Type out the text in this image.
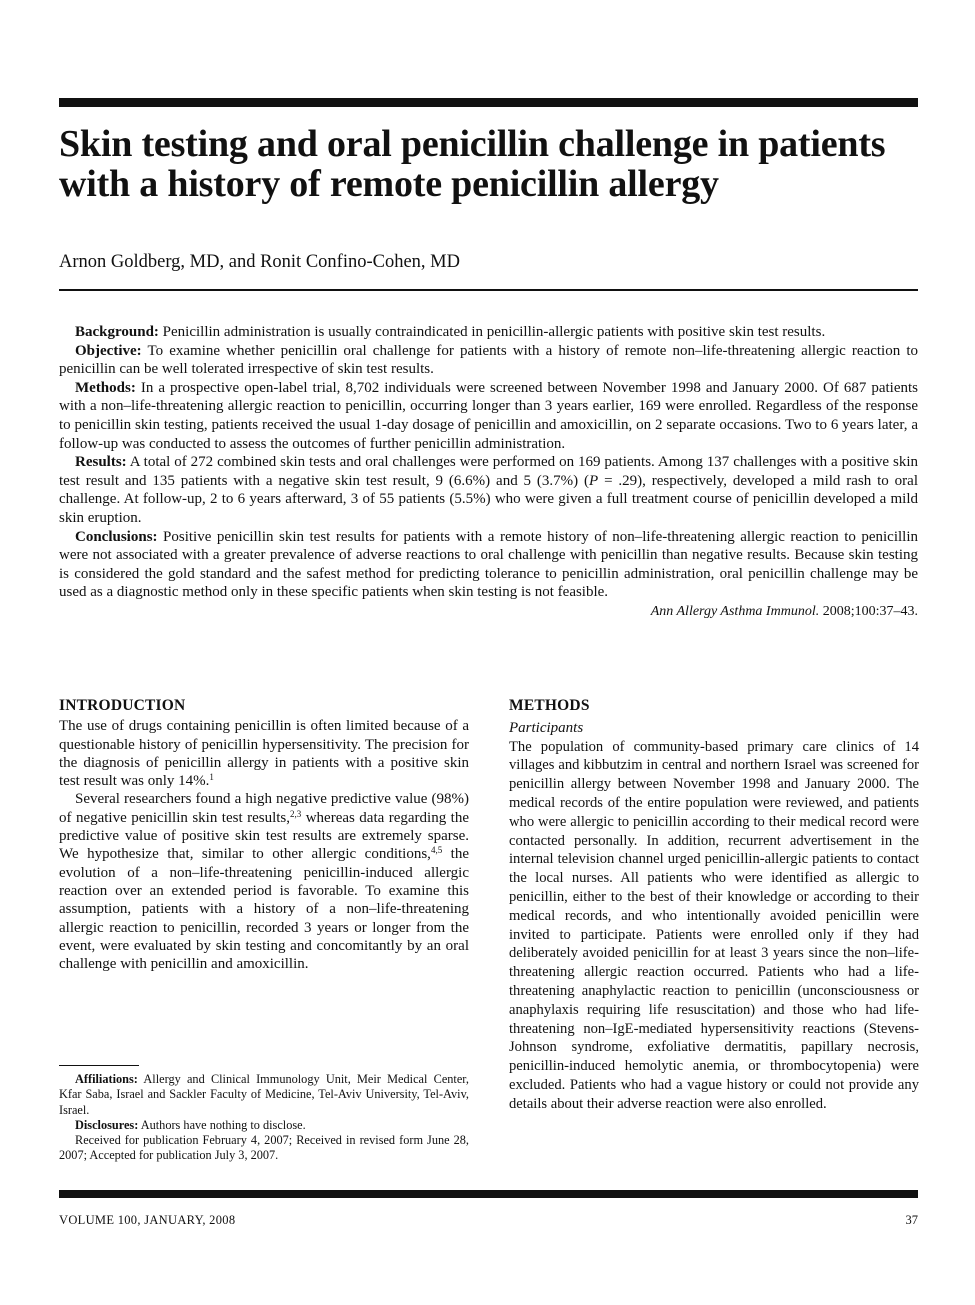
Skin testing and oral penicillin challenge in patients with a history of remote penicillin allergy
Arnon Goldberg, MD, and Ronit Confino-Cohen, MD

Background: Penicillin administration is usually contraindicated in penicillin-allergic patients with positive skin test results.

Objective: To examine whether penicillin oral challenge for patients with a history of remote non–life-threatening allergic reaction to penicillin can be well tolerated irrespective of skin test results.

Methods: In a prospective open-label trial, 8,702 individuals were screened between November 1998 and January 2000. Of 687 patients with a non–life-threatening allergic reaction to penicillin, occurring longer than 3 years earlier, 169 were enrolled. Regardless of the response to penicillin skin testing, patients received the usual 1-day dosage of penicillin and amoxicillin, on 2 separate occasions. Two to 6 years later, a follow-up was conducted to assess the outcomes of further penicillin administration.

Results: A total of 272 combined skin tests and oral challenges were performed on 169 patients. Among 137 challenges with a positive skin test result and 135 patients with a negative skin test result, 9 (6.6%) and 5 (3.7%) (P = .29), respectively, developed a mild rash to oral challenge. At follow-up, 2 to 6 years afterward, 3 of 55 patients (5.5%) who were given a full treatment course of penicillin developed a mild skin eruption.

Conclusions: Positive penicillin skin test results for patients with a remote history of non–life-threatening allergic reaction to penicillin were not associated with a greater prevalence of adverse reactions to oral challenge with penicillin than negative results. Because skin testing is considered the gold standard and the safest method for predicting tolerance to penicillin administration, oral penicillin challenge may be used as a diagnostic method only in these specific patients when skin testing is not feasible.

Ann Allergy Asthma Immunol. 2008;100:37–43.
INTRODUCTION

The use of drugs containing penicillin is often limited because of a questionable history of penicillin hypersensitivity. The precision for the diagnosis of penicillin allergy in patients with a positive skin test result was only 14%.$^1$

Several researchers found a high negative predictive value (98%) of negative penicillin skin test results,$^{2,3}$ whereas data regarding the predictive value of positive skin test results are extremely sparse. We hypothesize that, similar to other allergic conditions,$^{4,5}$ the evolution of a non–life-threatening penicillin-induced allergic reaction over an extended period is favorable. To examine this assumption, patients with a history of a non–life-threatening allergic reaction to penicillin, recorded 3 years or longer from the event, were evaluated by skin testing and concomitantly by an oral challenge with penicillin and amoxicillin.

METHODS
Participants

The population of community-based primary care clinics of 14 villages and kibbutzim in central and northern Israel was screened for penicillin allergy between November 1998 and January 2000. The medical records of the entire population were reviewed, and patients who were allergic to penicillin according to their medical record were contacted personally. In addition, recurrent advertisement in the internal television channel urged penicillin-allergic patients to contact the local nurses. All patients who were identified as allergic to penicillin, either to the best of their knowledge or according to their medical records, and who intentionally avoided penicillin were invited to participate. Patients were enrolled only if they had deliberately avoided penicillin for at least 3 years since the non–life-threatening allergic reaction occurred. Patients who had a life-threatening anaphylactic reaction to penicillin (unconsciousness or anaphylaxis requiring life resuscitation) and those who had life-threatening non–IgE-mediated hypersensitivity reactions (Stevens-Johnson syndrome, exfoliative dermatitis, papillary necrosis, penicillin-induced hemolytic anemia, or thrombocytopenia) were excluded. Patients who had a vague history or could not provide any details about their adverse reaction were also enrolled.

Affiliations: Allergy and Clinical Immunology Unit, Meir Medical Center, Kfar Saba, Israel and Sackler Faculty of Medicine, Tel-Aviv University, Tel-Aviv, Israel.

Disclosures: Authors have nothing to disclose.

Received for publication February 4, 2007; Received in revised form June 28, 2007; Accepted for publication July 3, 2007.

VOLUME 100, JANUARY, 2008	37
